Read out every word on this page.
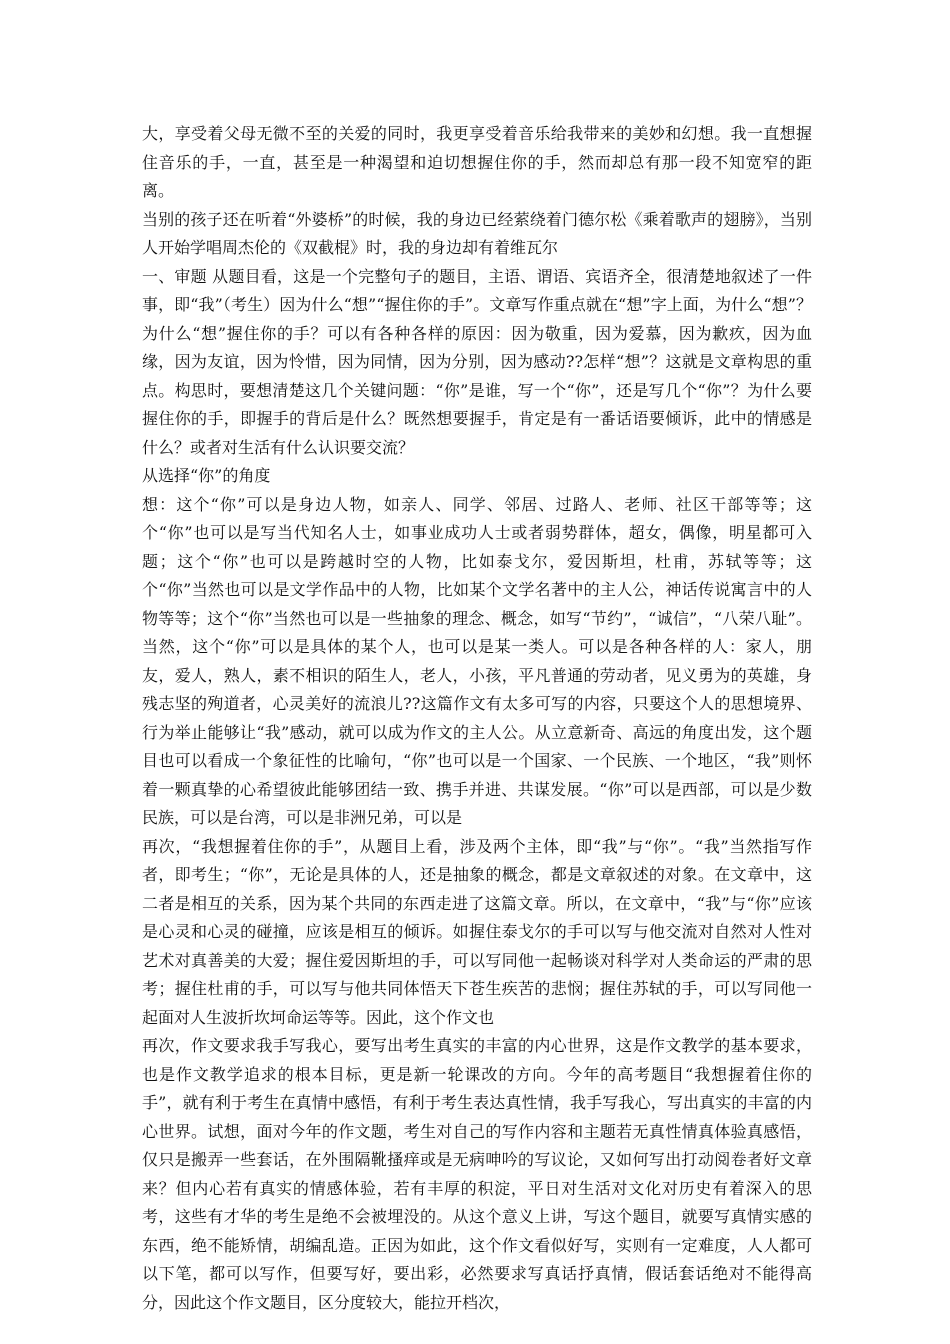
大，享受着父母无微不至的关爱的同时，我更享受着音乐给我带来的美妙和幻想。我一直想握住音乐的手，一直，甚至是一种渴望和迫切想握住你的手，然而却总有那一段不知宽窄的距离。

当别的孩子还在听着“外婆桥”的时候，我的身边已经萦绕着门德尔松《乘着歌声的翅膀》，当别人开始学唱周杰伦的《双截棍》时，我的身边却有着维瓦尔

一、审题 从题目看，这是一个完整句子的题目，主语、谓语、宾语齐全，很清楚地叙述了一件事，即“我”（考生）因为什么“想”“握住你的手”。文章写作重点就在“想”字上面，为什么“想”？为什么“想”握住你的手？可以有各种各样的原因：因为敬重，因为爱慕，因为歉疚，因为血缘，因为友谊，因为怜惜，因为同情，因为分别，因为感动??怎样“想”？这就是文章构思的重点。构思时，要想清楚这几个关键问题：“你”是谁，写一个“你”，还是写几个“你”？为什么要握住你的手，即握手的背后是什么？既然想要握手，肯定是有一番话语要倾诉，此中的情感是什么？或者对生活有什么认识要交流？

从选择“你”的角度

想：这个“你”可以是身边人物，如亲人、同学、邻居、过路人、老师、社区干部等等；这个“你”也可以是写当代知名人士，如事业成功人士或者弱势群体，超女，偶像，明星都可入题；这个“你”也可以是跨越时空的人物，比如泰戈尔，爱因斯坦，杜甫，苏轼等等；这个“你”当然也可以是文学作品中的人物，比如某个文学名著中的主人公，神话传说寓言中的人物等等；这个“你”当然也可以是一些抽象的理念、概念，如写“节约”，“诚信”，“八荣八耻”。当然，这个“你”可以是具体的某个人，也可以是某一类人。可以是各种各样的人：家人，朋友，爱人，熟人，素不相识的陌生人，老人，小孩，平凡普通的劳动者，见义勇为的英雄，身残志坚的殉道者，心灵美好的流浪儿??这篇作文有太多可写的内容，只要这个人的思想境界、行为举止能够让“我”感动，就可以成为作文的主人公。从立意新奇、高远的角度出发，这个题目也可以看成一个象征性的比喻句，“你”也可以是一个国家、一个民族、一个地区，“我”则怀着一颗真挚的心希望彼此能够团结一致、携手并进、共谋发展。“你”可以是西部，可以是少数民族，可以是台湾，可以是非洲兄弟，可以是

再次，“我想握着住你的手”，从题目上看，涉及两个主体，即“我”与“你”。“我”当然指写作者，即考生；“你”，无论是具体的人，还是抽象的概念，都是文章叙述的对象。在文章中，这二者是相互的关系，因为某个共同的东西走进了这篇文章。所以，在文章中，“我”与“你”应该是心灵和心灵的碰撞，应该是相互的倾诉。如握住泰戈尔的手可以写与他交流对自然对人性对艺术对真善美的大爱；握住爱因斯坦的手，可以写同他一起畅谈对科学对人类命运的严肃的思考；握住杜甫的手，可以写与他共同体悟天下苍生疾苦的悲悯；握住苏轼的手，可以写同他一起面对人生波折坎坷命运等等。因此，这个作文也

再次，作文要求我手写我心，要写出考生真实的丰富的内心世界，这是作文教学的基本要求，也是作文教学追求的根本目标，更是新一轮课改的方向。今年的高考题目“我想握着住你的手”，就有利于考生在真情中感悟，有利于考生表达真性情，我手写我心，写出真实的丰富的内心世界。试想，面对今年的作文题，考生对自己的写作内容和主题若无真性情真体验真感悟，仅只是搬弄一些套话，在外围隔靴搔痒或是无病呻吟的写议论，又如何写出打动阅卷者好文章来？但内心若有真实的情感体验，若有丰厚的积淀，平日对生活对文化对历史有着深入的思考，这些有才华的考生是绝不会被埋没的。从这个意义上讲，写这个题目，就要写真情实感的东西，绝不能矫情，胡编乱造。正因为如此，这个作文看似好写，实则有一定难度，人人都可以下笔，都可以写作，但要写好，要出彩，必然要求写真话抒真情，假话套话绝对不能得高分，因此这个作文题目，区分度较大，能拉开档次，
